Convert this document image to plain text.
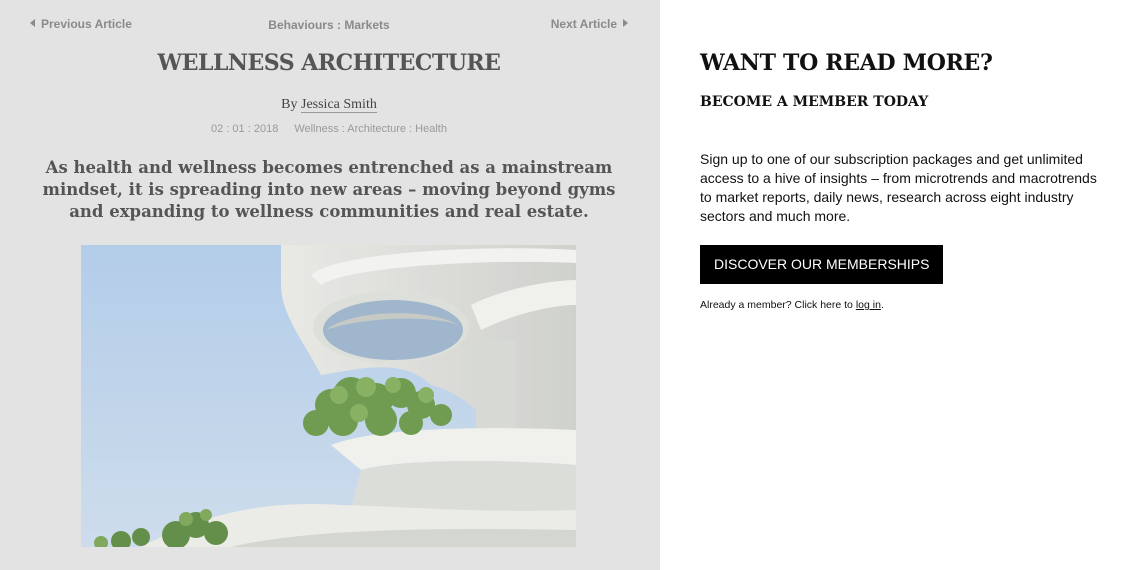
Previous Article	Behaviours : Markets	Next Article
WELLNESS ARCHITECTURE
By Jessica Smith
02 : 01 : 2018 Wellness : Architecture : Health

As health and wellness becomes entrenched as a mainstream mindset, it is spreading into new areas – moving beyond gyms and expanding to wellness communities and real estate.

WANT TO READ MORE?
BECOME A MEMBER TODAY

Sign up to one of our subscription packages and get unlimited access to a hive of insights – from microtrends and macrotrends to market reports, daily news, research across eight industry sectors and much more.

DISCOVER OUR MEMBERSHIPS
Already a member? Click here to log in.
